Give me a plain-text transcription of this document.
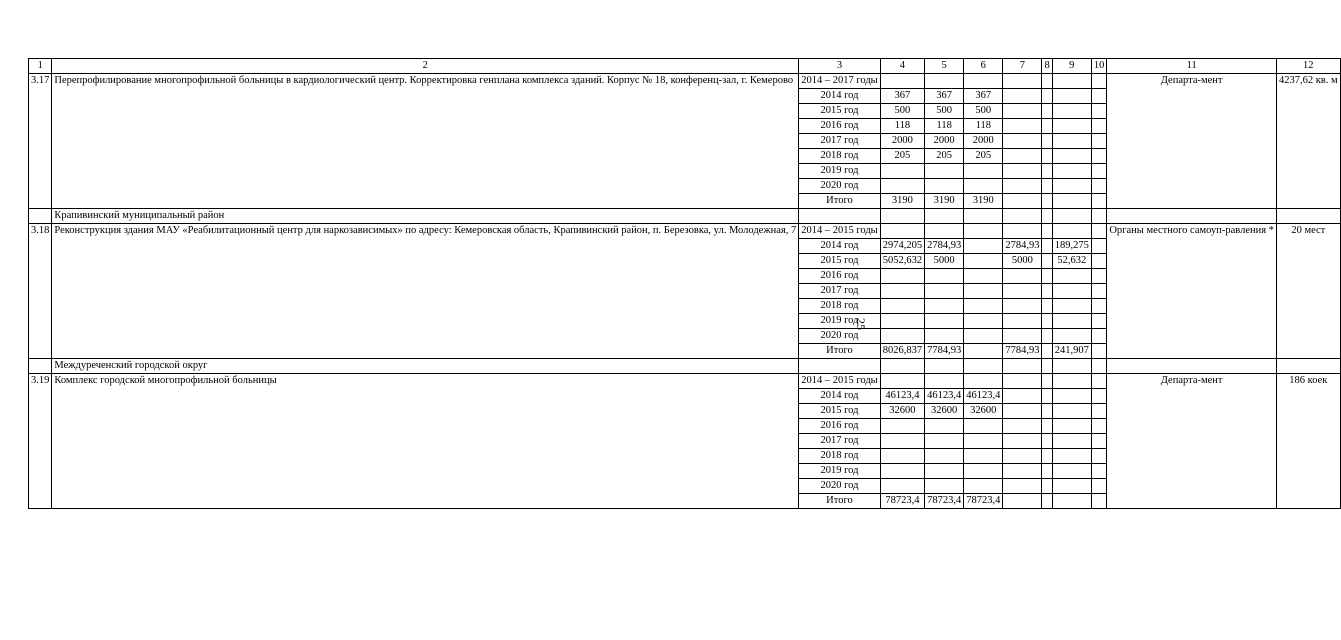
1	2	3	4	5	6	7	8	9	10	11	12
3.17	Перепрофилирование многопрофильной больницы в кардиологический центр. Корректировка генплана комплекса зданий. Корпус № 18, конференц-зал, г. Кемерово	2014 – 2017 годы								Департа-мент	4237,62 кв. м
		2014 год	367	367	367						
		2015 год	500	500	500						
		2016 год	118	118	118						
		2017 год	2000	2000	2000						
		2018 год	205	205	205						
		2019 год									
		2020 год									
		Итого	3190	3190	3190						
	Крапивинский муниципальный район										
3.18	Реконструкция здания МАУ «Реабилитационный центр для наркозависимых» по адресу: Кемеровская область, Крапивинский район, п. Березовка, ул. Молодежная, 7	2014 – 2015 годы								Органы местного самоуп-равления *	20 мест
		2014 год	2974,205	2784,93		2784,93		189,275			
		2015 год	5052,632	5000		5000		52,632			
		2016 год									
		2017 год									
		2018 год									
		2019 год									
		2020 год									
		Итого	8026,837	7784,93		7784,93		241,907			
	Междуреченский городской округ										
3.19	Комплекс городской многопрофильной больницы	2014 – 2015 годы								Департа-мент	186 коек
		2014 год	46123,4	46123,4	46123,4						
		2015 год	32600	32600	32600						
		2016 год									
		2017 год									
		2018 год									
		2019 год									
		2020 год									
		Итого	78723,4	78723,4	78723,4						
25
